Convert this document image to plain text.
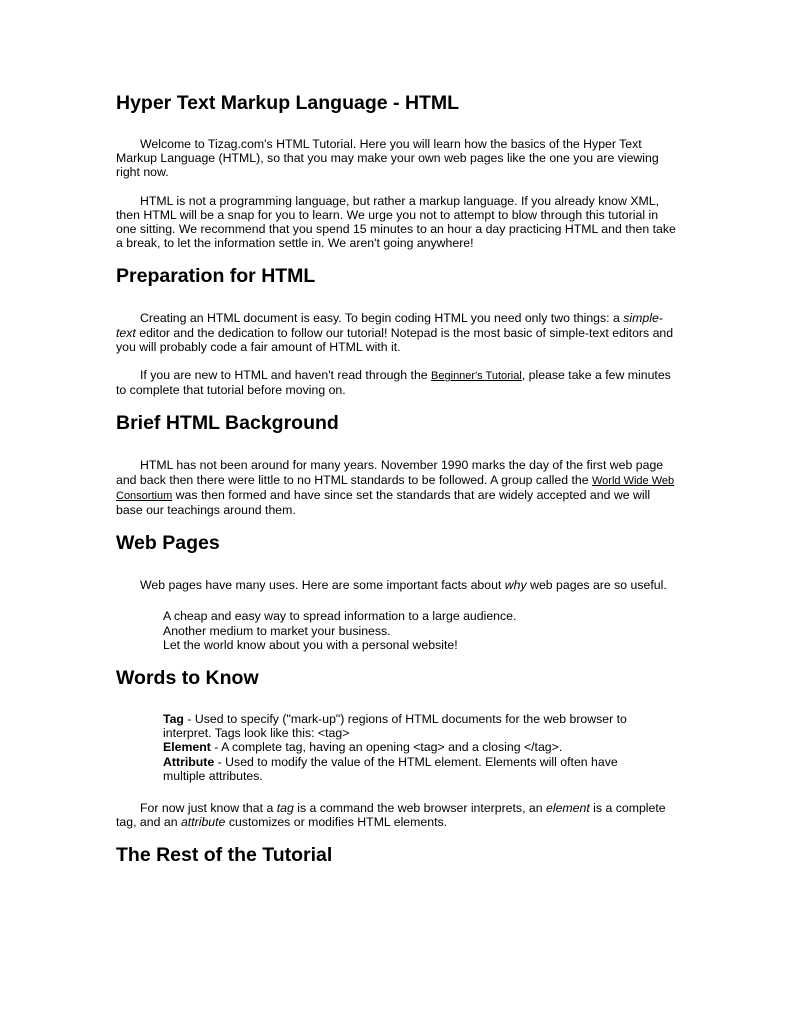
Hyper Text Markup Language - HTML

Welcome to Tizag.com's HTML Tutorial. Here you will learn how the basics of the Hyper Text Markup Language (HTML), so that you may make your own web pages like the one you are viewing right now.

HTML is not a programming language, but rather a markup language. If you already know XML, then HTML will be a snap for you to learn. We urge you not to attempt to blow through this tutorial in one sitting. We recommend that you spend 15 minutes to an hour a day practicing HTML and then take a break, to let the information settle in. We aren't going anywhere!

Preparation for HTML

Creating an HTML document is easy. To begin coding HTML you need only two things: a simple-text editor and the dedication to follow our tutorial! Notepad is the most basic of simple-text editors and you will probably code a fair amount of HTML with it.

If you are new to HTML and haven't read through the Beginner's Tutorial, please take a few minutes to complete that tutorial before moving on.

Brief HTML Background

HTML has not been around for many years. November 1990 marks the day of the first web page and back then there were little to no HTML standards to be followed. A group called the World Wide Web Consortium was then formed and have since set the standards that are widely accepted and we will base our teachings around them.

Web Pages

Web pages have many uses. Here are some important facts about why web pages are so useful.

A cheap and easy way to spread information to a large audience.
Another medium to market your business.
Let the world know about you with a personal website!
Words to Know
Tag - Used to specify ("mark-up") regions of HTML documents for the web browser to interpret. Tags look like this: <tag>
Element - A complete tag, having an opening <tag> and a closing </tag>.
Attribute - Used to modify the value of the HTML element. Elements will often have multiple attributes.

For now just know that a tag is a command the web browser interprets, an element is a complete tag, and an attribute customizes or modifies HTML elements.

The Rest of the Tutorial
